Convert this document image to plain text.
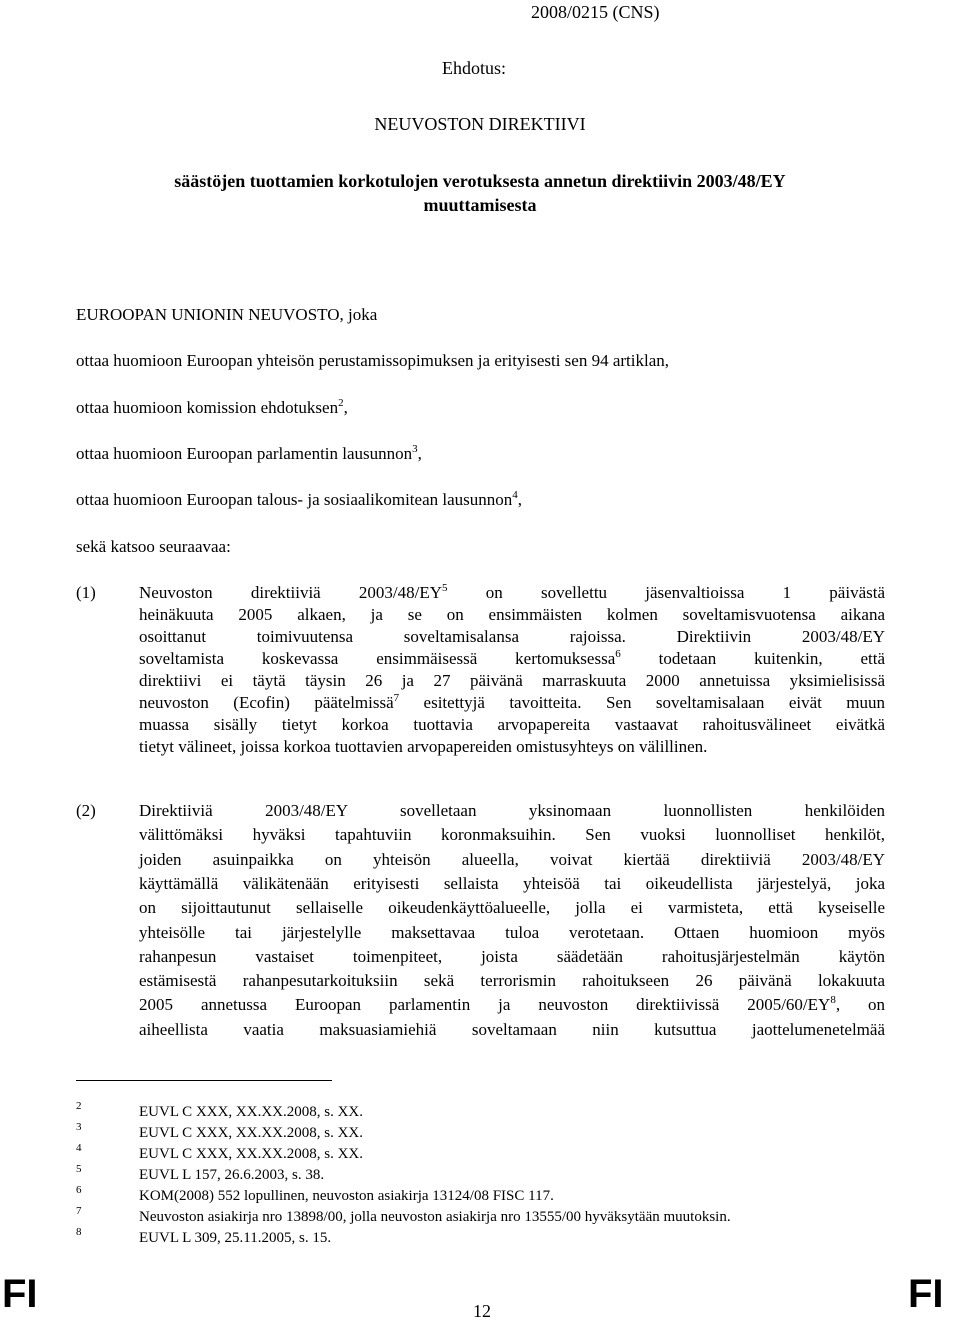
2008/0215 (CNS)
Ehdotus:
NEUVOSTON DIREKTIIVI
säästöjen tuottamien korkotulojen verotuksesta annetun direktiivin 2003/48/EY
muuttamisesta
EUROOPAN UNIONIN NEUVOSTO, joka
ottaa huomioon Euroopan yhteisön perustamissopimuksen ja erityisesti sen 94 artiklan,
ottaa huomioon komission ehdotuksen$^2$,
ottaa huomioon Euroopan parlamentin lausunnon$^3$,
ottaa huomioon Euroopan talous- ja sosiaalikomitean lausunnon$^4$,
sekä katsoo seuraavaa:
(1)	Neuvoston direktiiviä $2003/48/EY^5$ on sovellettu jäsenvaltioissa 1 päivästä
heinäkuuta 2005 alkaen, ja se on ensimmäisten kolmen soveltamisvuotensa aikana
osoittanut toimivuutensa soveltamisalansa rajoissa. Direktiivin 2003/48/EY
soveltamista koskevassa ensimmäisessä kertomuksessa$^6$ todetaan kuitenkin, että
direktiivi ei täytä täysin 26 ja 27 päivänä marraskuuta 2000 annetuissa yksimielisissä
neuvoston (Ecofin) päätelmissä$^7$ esitettyjä tavoitteita. Sen soveltamisalaan eivät muun
muassa sisälly tietyt korkoa tuottavia arvopapereita vastaavat rahoitusvälineet eivätkä
tietyt välineet, joissa korkoa tuottavien arvopapereiden omistusyhteys on välillinen.
(2)	Direktiiviä 2003/48/EY sovelletaan yksinomaan luonnollisten henkilöiden
välittömäksi hyväksi tapahtuviin koronmaksuihin. Sen vuoksi luonnolliset henkilöt,
joiden asuinpaikka on yhteisön alueella, voivat kiertää direktiiviä 2003/48/EY
käyttämällä välikätenään erityisesti sellaista yhteisöä tai oikeudellista järjestelyä, joka
on sijoittautunut sellaiselle oikeudenkäyttöalueelle, jolla ei varmisteta, että kyseiselle
yhteisölle tai järjestelylle maksettavaa tuloa verotetaan. Ottaen huomioon myös
rahanpesun vastaiset toimenpiteet, joista säädetään rahoitusjärjestelmän käytön
estämisestä rahanpesutarkoituksiin sekä terrorismin rahoitukseen 26 päivänä lokakuuta
2005 annetussa Euroopan parlamentin ja neuvoston direktiivissä $2005/60/EY^8$, on
aiheellista vaatia maksuasiamiehiä soveltamaan niin kutsuttua jaottelumenetelmää
2	EUVL C XXX, XX.XX.2008, s. XX.
3	EUVL C XXX, XX.XX.2008, s. XX.
4	EUVL C XXX, XX.XX.2008, s. XX.
5	EUVL L 157, 26.6.2003, s. 38.
6	KOM(2008) 552 lopullinen, neuvoston asiakirja 13124/08 FISC 117.
7	Neuvoston asiakirja nro 13898/00, jolla neuvoston asiakirja nro 13555/00 hyväksytään muutoksin.
8	EUVL L 309, 25.11.2005, s. 15.
FI	12	FI
